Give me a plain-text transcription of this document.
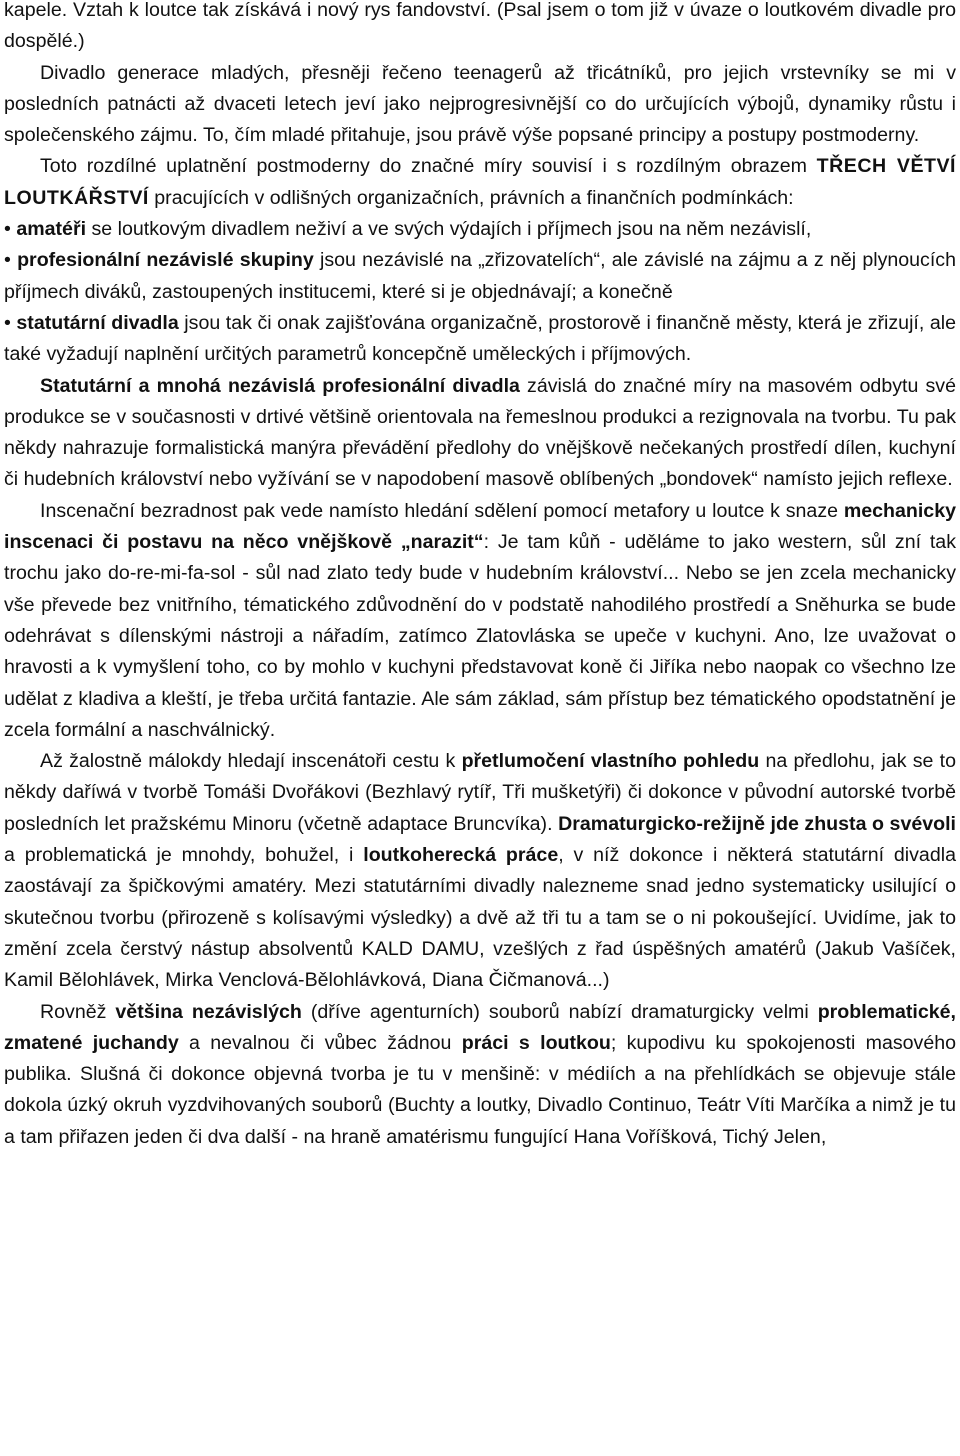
kapele. Vztah k loutce tak získává i nový rys fandovství. (Psal jsem o tom již v úvaze o loutkovém divadle pro dospělé.)

Divadlo generace mladých, přesněji řečeno teenagerů až třicátníků, pro jejich vrstevníky se mi v posledních patnácti až dvaceti letech jeví jako nejprogresivnější co do určujících výbojů, dynamiky růstu i společenského zájmu. To, čím mladé přitahuje, jsou právě výše popsané principy a postupy postmoderny.

Toto rozdílné uplatnění postmoderny do značné míry souvisí i s rozdílným obrazem TŘECH VĚTVÍ LOUTKÁŘSTVÍ pracujících v odlišných organizačních, právních a finančních podmínkách:

• amatéři se loutkovým divadlem neživí a ve svých výdajích i příjmech jsou na něm nezávislí,

• profesionální nezávislé skupiny jsou nezávislé na „zřizovatelích“, ale závislé na zájmu a z něj plynoucích příjmech diváků, zastoupených institucemi, které si je objednávají; a konečně

• statutární divadla jsou tak či onak zajišťována organizačně, prostorově i finančně městy, která je zřizují, ale také vyžadují naplnění určitých parametrů koncepčně uměleckých i příjmových.

Statutární a mnohá nezávislá profesionální divadla závislá do značné míry na masovém odbytu své produkce se v současnosti v drtivé většině orientovala na řemeslnou produkci a rezignovala na tvorbu. Tu pak někdy nahrazuje formalistická manýra převádění předlohy do vnějškově nečekaných prostředí dílen, kuchyní či hudebních království nebo vyžívání se v napodobení masově oblíbených „bondovek“ namísto jejich reflexe.

Inscenační bezradnost pak vede namísto hledání sdělení pomocí metafory u loutce k snaze mechanicky inscenaci či postavu na něco vnějškově „narazit“: Je tam kůň - uděláme to jako western, sůl zní tak trochu jako do-re-mi-fa-sol - sůl nad zlato tedy bude v hudebním království... Nebo se jen zcela mechanicky vše převede bez vnitřního, tématického zdůvodnění do v podstatě nahodilého prostředí a Sněhurka se bude odehrávat s dílenskými nástroji a nářadím, zatímco Zlatovláska se upeče v kuchyni. Ano, lze uvažovat o hravosti a k vymyšlení toho, co by mohlo v kuchyni představovat koně či Jiříka nebo naopak co všechno lze udělat z kladiva a kleští, je třeba určitá fantazie. Ale sám základ, sám přístup bez tématického opodstatnění je zcela formální a naschválnický.

Až žalostně málokdy hledají inscenátoři cestu k přetlumočení vlastního pohledu na předlohu, jak se to někdy daříwá v tvorbě Tomáši Dvořákovi (Bezhlavý rytíř, Tři mušketýři) či dokonce v původní autorské tvorbě posledních let pražskému Minoru (včetně adaptace Bruncvíka). Dramaturgicko-režijně jde zhusta o svévoli a problematická je mnohdy, bohužel, i loutkoherecká práce, v níž dokonce i některá statutární divadla zaostávají za špičkovými amatéry. Mezi statutárními divadly nalezneme snad jedno systematicky usilující o skutečnou tvorbu (přirozeně s kolísavými výsledky) a dvě až tři tu a tam se o ni pokoušející. Uvidíme, jak to změní zcela čerstvý nástup absolventů KALD DAMU, vzešlých z řad úspěšných amatérů (Jakub Vašíček, Kamil Bělohlávek, Mirka Venclová-Bělohlávková, Diana Čičmanová...)

Rovněž většina nezávislých (dříve agenturních) souborů nabízí dramaturgicky velmi problematické, zmatené juchandy a nevalnou či vůbec žádnou práci s loutkou; kupodivu ku spokojenosti masového publika. Slušná či dokonce objevná tvorba je tu v menšině: v médiích a na přehlídkách se objevuje stále dokola úzký okruh vyzdvihovaných souborů (Buchty a loutky, Divadlo Continuo, Teátr Víti Marčíka a nimž je tu a tam přiřazen jeden či dva další - na hraně amatérismu fungující Hana Voříšková, Tichý Jelen,
